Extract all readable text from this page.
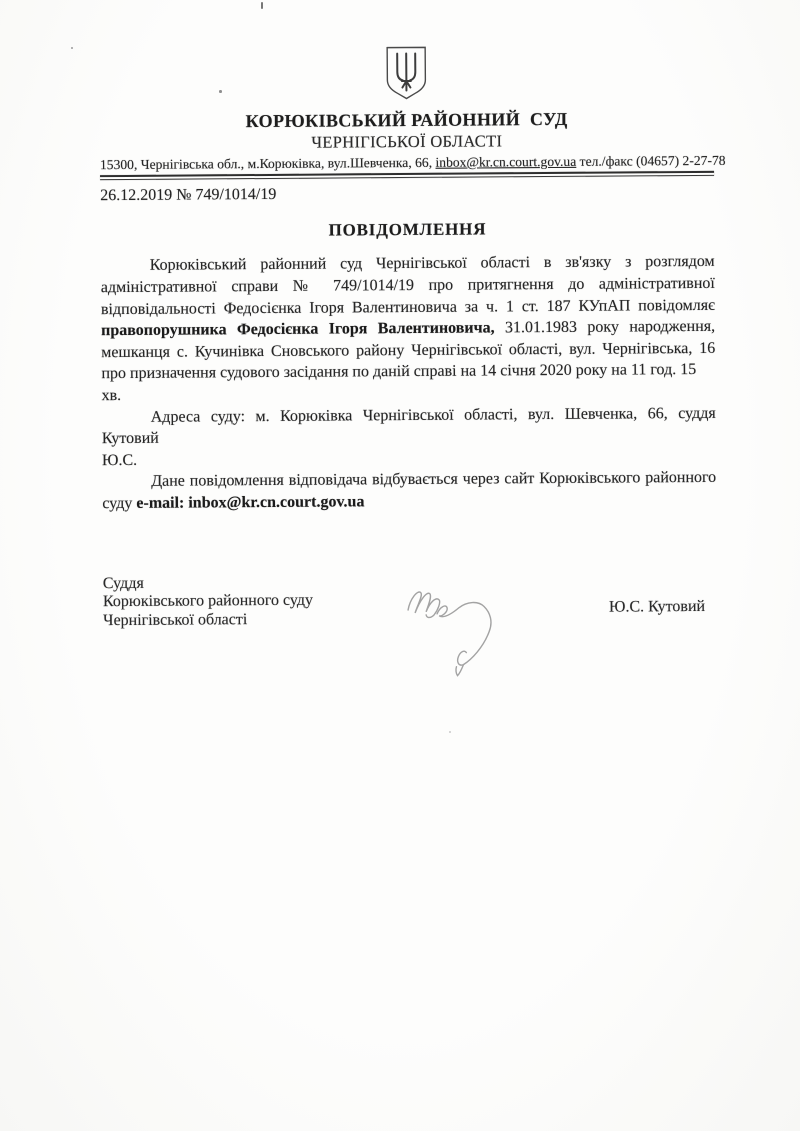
КОРЮКІВСЬКИЙ РАЙОННИЙ  СУД
ЧЕРНІГІСЬКОЇ ОБЛАСТІ
15300, Чернігівська обл., м.Корюківка, вул.Шевченка, 66, inbox@kr.cn.court.gov.ua тел./факс (04657) 2-27-78
26.12.2019 № 749/1014/19
ПОВІДОМЛЕННЯ
Корюківський районний суд Чернігівської області в зв'язку з розглядом
адміністративної справи № 749/1014/19 про притягнення до адміністративної
відповідальності Федосієнка Ігоря Валентиновича за ч. 1 ст. 187 КУпАП повідомляє
правопорушника Федосієнка Ігоря Валентиновича, 31.01.1983 року народження,
мешканця с. Кучинівка Сновського району Чернігівської області, вул. Чернігівська, 16
про призначення судового засідання по даній справі на 14 січня 2020 року на 11 год. 15 хв.
Адреса суду: м. Корюківка Чернігівської області, вул. Шевченка, 66, суддя Кутовий
Ю.С.
Дане повідомлення відповідача відбувається через сайт Корюківського районного
суду e-mail: inbox@kr.cn.court.gov.ua
Суддя
Корюківського районного суду
Чернігівської області
Ю.С. Кутовий
